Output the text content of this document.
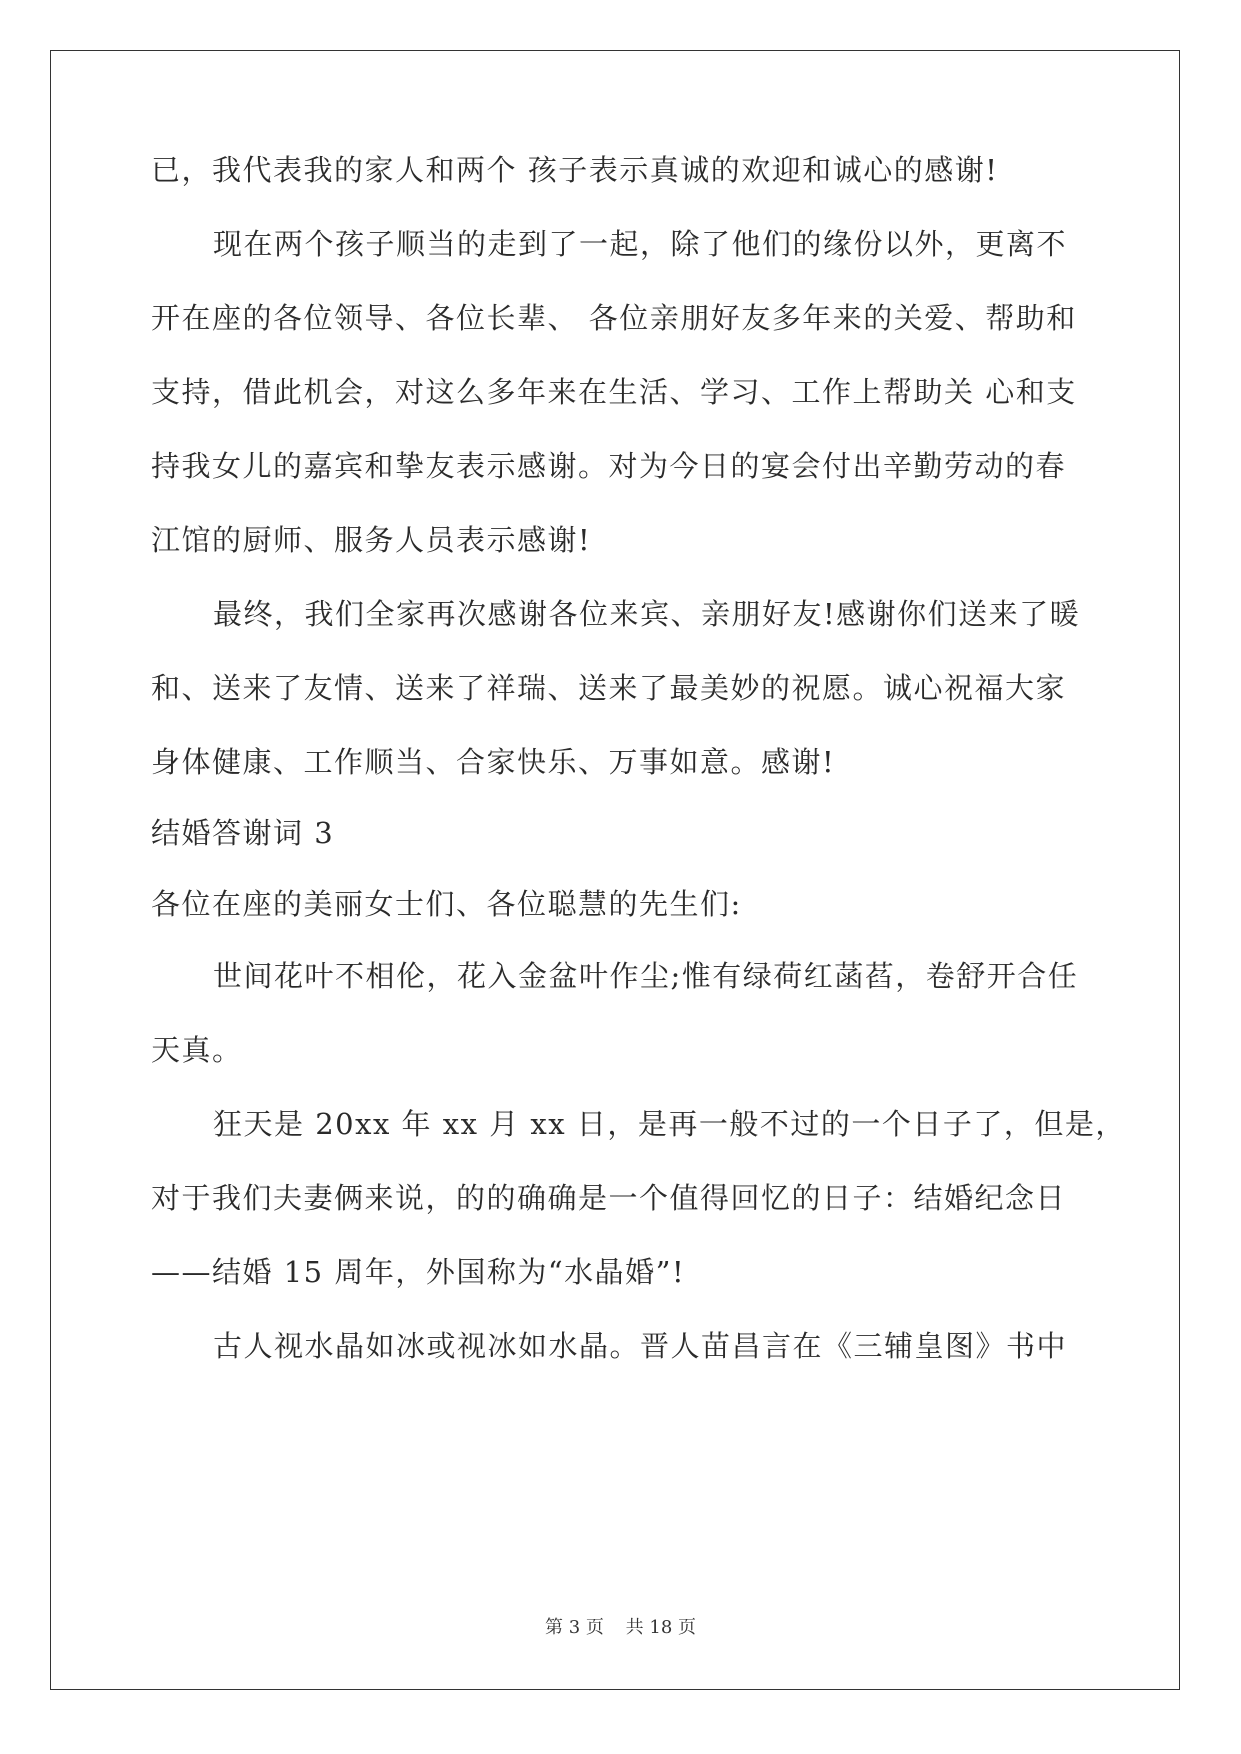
已，我代表我的家人和两个 孩子表示真诚的欢迎和诚心的感谢!

现在两个孩子顺当的走到了一起，除了他们的缘份以外，更离不

开在座的各位领导、各位长辈、 各位亲朋好友多年来的关爱、帮助和

支持，借此机会，对这么多年来在生活、学习、工作上帮助关 心和支

持我女儿的嘉宾和挚友表示感谢。对为今日的宴会付出辛勤劳动的春

江馆的厨师、服务人员表示感谢!

最终，我们全家再次感谢各位来宾、亲朋好友!感谢你们送来了暖

和、送来了友情、送来了祥瑞、送来了最美妙的祝愿。诚心祝福大家

身体健康、工作顺当、合家快乐、万事如意。感谢!

结婚答谢词 3

各位在座的美丽女士们、各位聪慧的先生们:

世间花叶不相伦，花入金盆叶作尘;惟有绿荷红菡萏，卷舒开合任

天真。

狂天是 20xx 年 xx 月 xx 日，是再一般不过的一个日子了，但是，

对于我们夫妻俩来说，的的确确是一个值得回忆的日子：结婚纪念日

——结婚 15 周年，外国称为“水晶婚”!

古人视水晶如冰或视冰如水晶。晋人苗昌言在《三辅皇图》书中

第 3 页 共 18 页
